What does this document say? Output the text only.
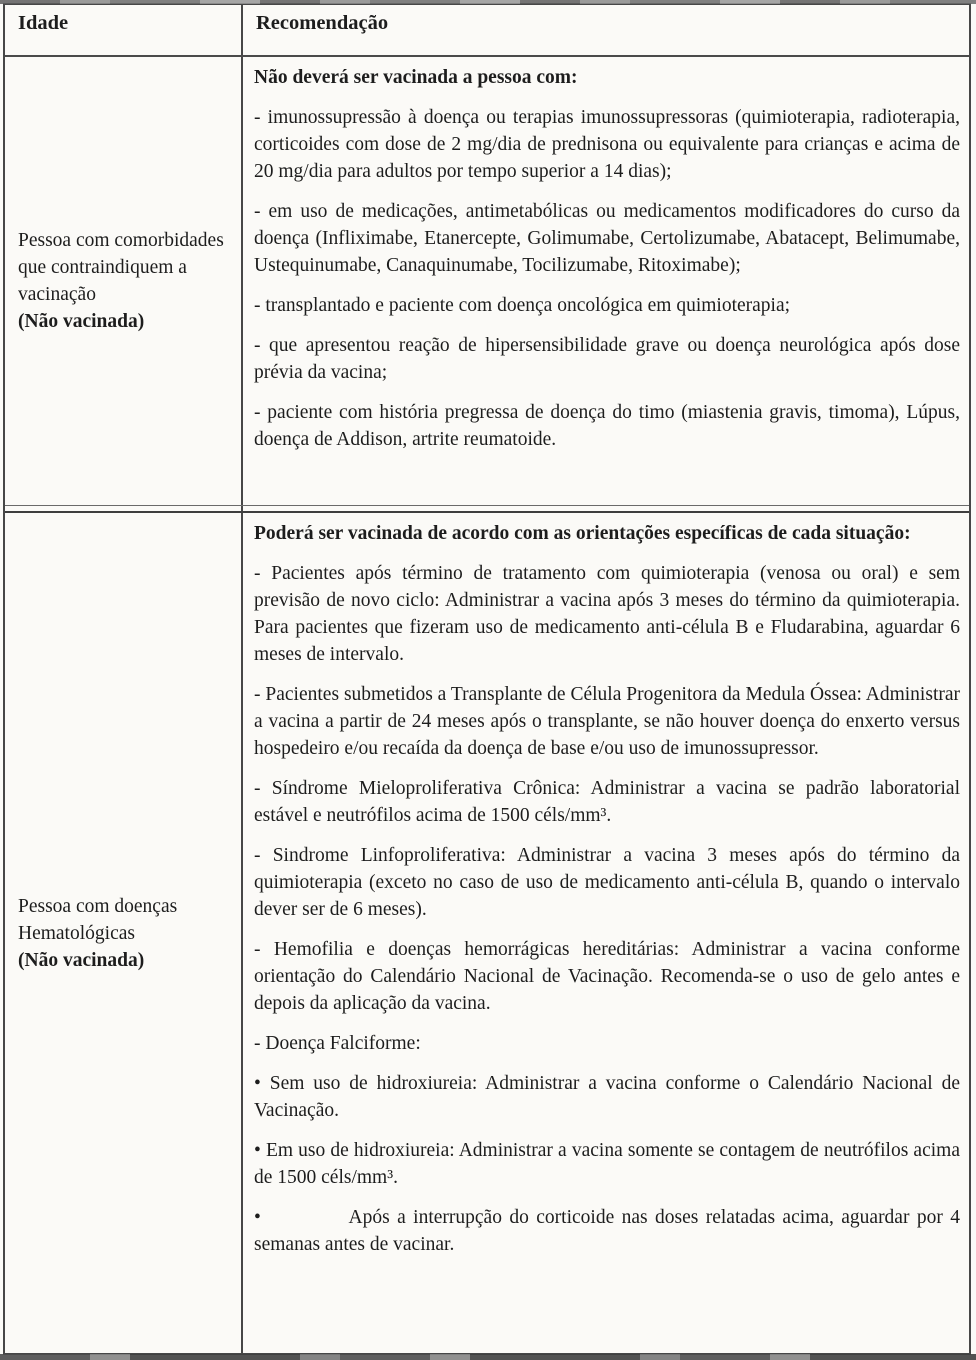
Idade	Recomendação
Pessoa com comorbidades que contraindiquem a vacinação
(Não vacinada)

Não deverá ser vacinada a pessoa com:

- imunossupressão à doença ou terapias imunossupressoras (quimioterapia, radioterapia, corticoides com dose de 2 mg/dia de prednisona ou equivalente para crianças e acima de 20 mg/dia para adultos por tempo superior a 14 dias);

- em uso de medicações, antimetabólicas ou medicamentos modificadores do curso da doença (Infliximabe, Etanercepte, Golimumabe, Certolizumabe, Abatacept, Belimumabe, Ustequinumabe, Canaquinumabe, Tocilizumabe, Ritoximabe);

- transplantado e paciente com doença oncológica em quimioterapia;

- que apresentou reação de hipersensibilidade grave ou doença neurológica após dose prévia da vacina;

- paciente com história pregressa de doença do timo (miastenia gravis, timoma), Lúpus, doença de Addison, artrite reumatoide.

Pessoa com doenças Hematológicas
(Não vacinada)

Poderá ser vacinada de acordo com as orientações específicas de cada situação:

- Pacientes após término de tratamento com quimioterapia (venosa ou oral) e sem previsão de novo ciclo: Administrar a vacina após 3 meses do término da quimioterapia. Para pacientes que fizeram uso de medicamento anti-célula B e Fludarabina, aguardar 6 meses de intervalo.

- Pacientes submetidos a Transplante de Célula Progenitora da Medula Óssea: Administrar a vacina a partir de 24 meses após o transplante, se não houver doença do enxerto versus hospedeiro e/ou recaída da doença de base e/ou uso de imunossupressor.

- Síndrome Mieloproliferativa Crônica: Administrar a vacina se padrão laboratorial estável e neutrófilos acima de 1500 céls/mm³.

- Sindrome Linfoproliferativa: Administrar a vacina 3 meses após do término da quimioterapia (exceto no caso de uso de medicamento anti-célula B, quando o intervalo dever ser de 6 meses).

- Hemofilia e doenças hemorrágicas hereditárias: Administrar a vacina conforme orientação do Calendário Nacional de Vacinação. Recomenda-se o uso de gelo antes e depois da aplicação da vacina.

- Doença Falciforme:

• Sem uso de hidroxiureia: Administrar a vacina conforme o Calendário Nacional de Vacinação.

• Em uso de hidroxiureia: Administrar a vacina somente se contagem de neutrófilos acima de 1500 céls/mm³.

•            Após a interrupção do corticoide nas doses relatadas acima, aguardar por 4 semanas antes de vacinar.
